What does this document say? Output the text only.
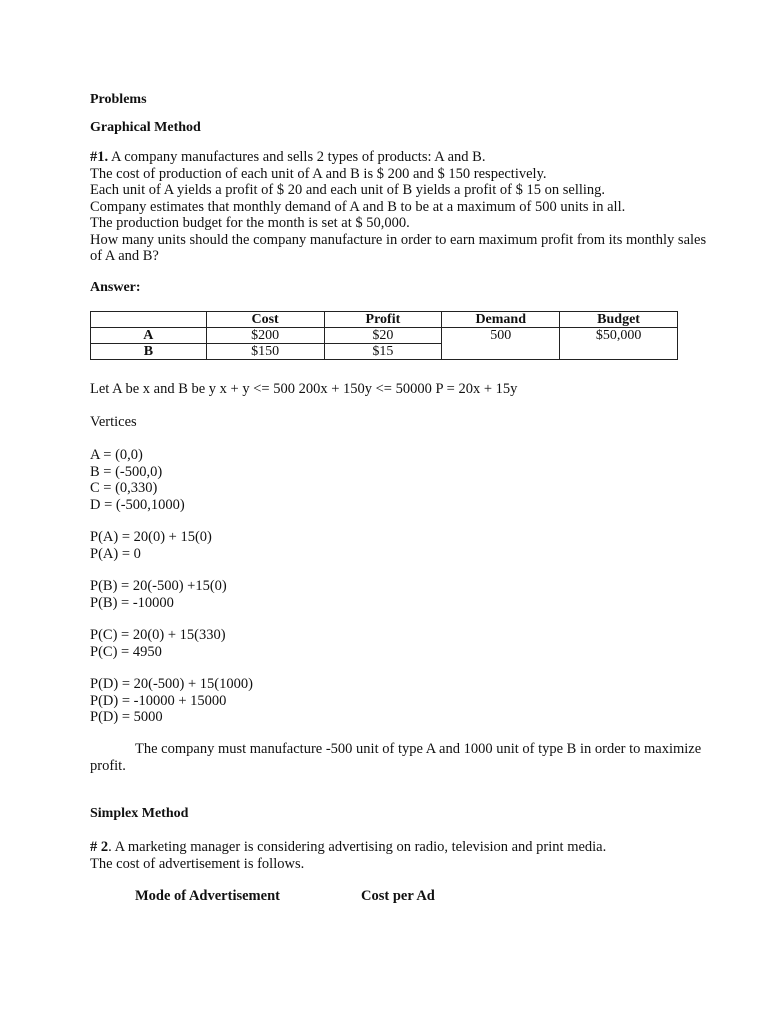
Problems
Graphical Method
#1. A company manufactures and sells 2 types of products: A and B.
The cost of production of each unit of A and B is $ 200 and $ 150 respectively.
Each unit of A yields a profit of $ 20 and each unit of B yields a profit of $ 15 on selling.
Company estimates that monthly demand of A and B to be at a maximum of 500 units in all.
The production budget for the month is set at $ 50,000.
How many units should the company manufacture in order to earn maximum profit from its monthly sales
of A and B?
Answer:
	Cost	Profit	Demand	Budget
A	$200	$20	500	$50,000
B	$150	$15		
Let A be x and B be y x + y <= 500 200x + 150y <= 50000 P = 20x + 15y
Vertices
A = (0,0)
B = (-500,0)
C = (0,330)
D = (-500,1000)
P(A) = 20(0) + 15(0)
P(A) = 0
P(B) = 20(-500) +15(0)
P(B) = -10000
P(C) = 20(0) + 15(330)
P(C) = 4950
P(D) = 20(-500) + 15(1000)
P(D) = -10000 + 15000
P(D) = 5000
The company must manufacture -500 unit of type A and 1000 unit of type B in order to maximize
profit.
Simplex Method
# 2. A marketing manager is considering advertising on radio, television and print media.
The cost of advertisement is follows.
Mode of Advertisement	Cost per Ad
